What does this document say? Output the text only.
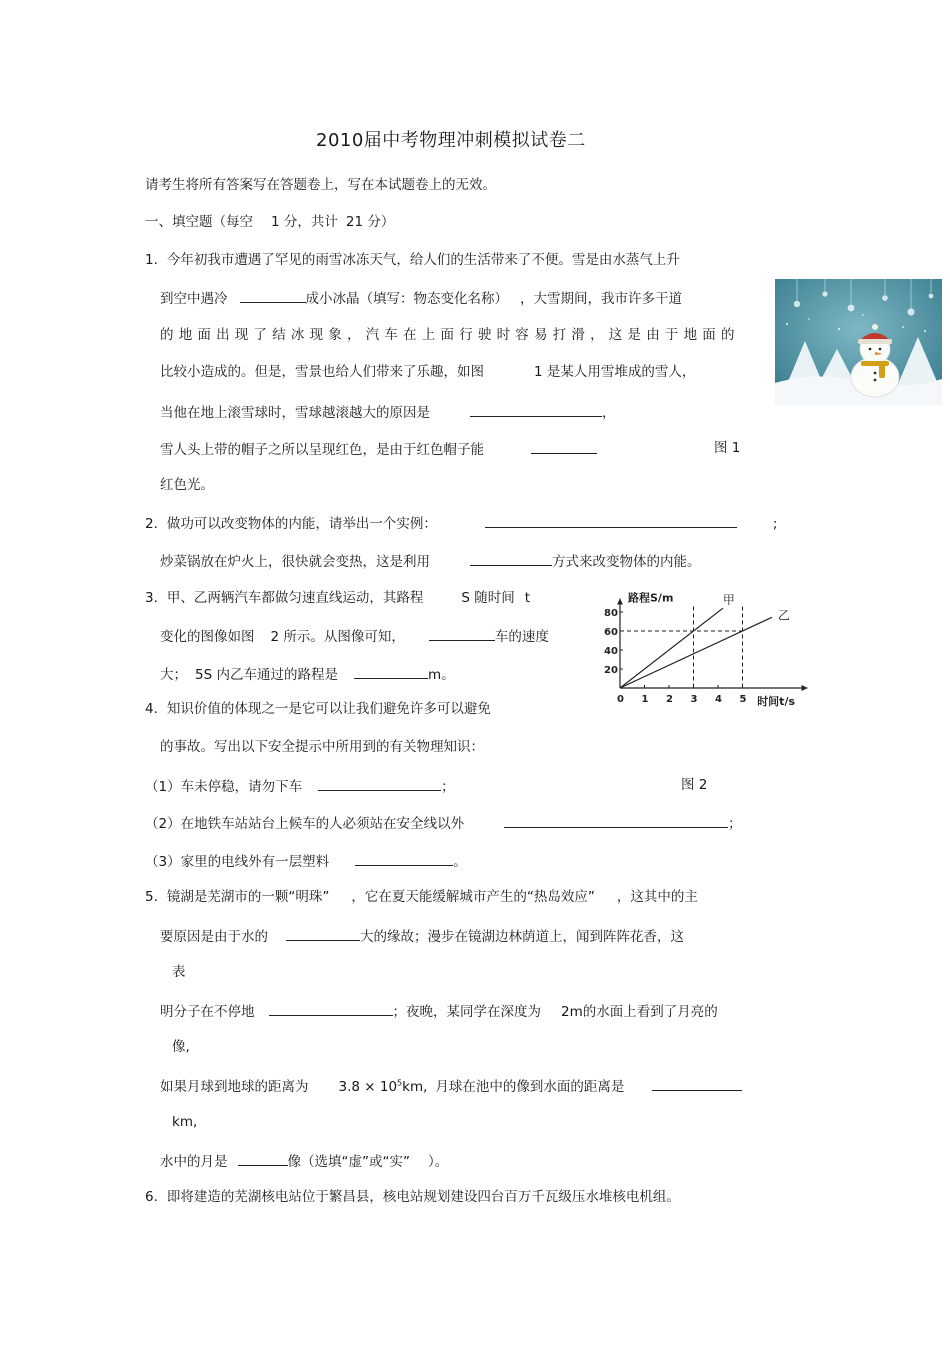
2010届中考物理冲刺模拟试卷二
请考生将所有答案写在答题卷上，写在本试题卷上的无效。
一、填空题（每空 1 分，共计 21 分）
1. 今年初我市遭遇了罕见的雨雪冰冻天气，给人们的生活带来了不便。雪是由水蒸气上升
到空中遇冷	成小冰晶（填写：物态变化名称） ，大雪期间，我市许多干道
的地面出现了结冰现象，汽车在上面行驶时容易打滑，这是由于地面的
比较小造成的。但是，雪景也给人们带来了乐趣，如图	1 是某人用雪堆成的雪人，
当他在地上滚雪球时，雪球越滚越大的原因是	，
雪人头上带的帽子之所以呈现红色，是由于红色帽子能	图 1
红色光。
2. 做功可以改变物体的内能，请举出一个实例：	;
炒菜锅放在炉火上，很快就会变热，这是利用	方式来改变物体的内能。
3. 甲、乙两辆汽车都做匀速直线运动，其路程	S 随时间 t
变化的图像如图 2 所示。从图像可知，	车的速度
大； 5S 内乙车通过的路程是	m。
路程S/m
时间t/s
0 1 2 3 4 5
20
40
60
80
甲
乙
4. 知识价值的体现之一是它可以让我们避免许多可以避免
的事故。写出以下安全提示中所用到的有关物理知识：
（1）车未停稳，请勿下车	；	图 2
（2）在地铁车站站台上候车的人必须站在安全线以外	；
（3）家里的电线外有一层塑料	。
5. 镜湖是芜湖市的一颗“明珠” ，它在夏天能缓解城市产生的“热岛效应” ，这其中的主
要原因是由于水的	大的缘故；漫步在镜湖边林荫道上，闻到阵阵花香，这
表
明分子在不停地	；夜晚，某同学在深度为 2m的水面上看到了月亮的
像,
如果月球到地球的距离为 $3.8 \times 10^5km$, 月球在池中的像到水面的距离是
km,
水中的月是	像（选填“虚”或“实” ）。
6. 即将建造的芜湖核电站位于繁昌县，核电站规划建设四台百万千瓦级压水堆核电机组。
